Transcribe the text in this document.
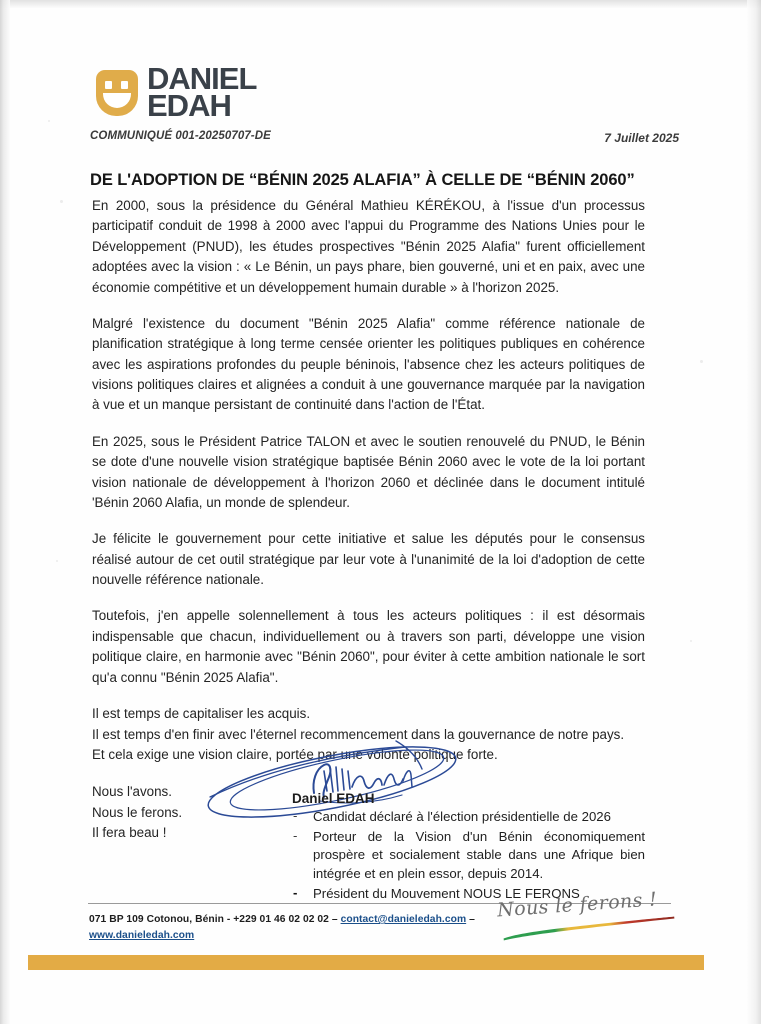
DANIEL
EDAH
COMMUNIQUÉ 001-20250707-DE	7 Juillet 2025
DE L'ADOPTION DE “BÉNIN 2025 ALAFIA” À CELLE DE “BÉNIN 2060”

En 2000, sous la présidence du Général Mathieu KÉRÉKOU, à l'issue d'un processus participatif conduit de 1998 à 2000 avec l'appui du Programme des Nations Unies pour le Développement (PNUD), les études prospectives "Bénin 2025 Alafia" furent officiellement adoptées avec la vision : « Le Bénin, un pays phare, bien gouverné, uni et en paix, avec une économie compétitive et un développement humain durable » à l'horizon 2025.

Malgré l'existence du document "Bénin 2025 Alafia" comme référence nationale de planification stratégique à long terme censée orienter les politiques publiques en cohérence avec les aspirations profondes du peuple béninois, l'absence chez les acteurs politiques de visions politiques claires et alignées a conduit à une gouvernance marquée par la navigation à vue et un manque persistant de continuité dans l'action de l'État.

En 2025, sous le Président Patrice TALON et avec le soutien renouvelé du PNUD, le Bénin se dote d'une nouvelle vision stratégique baptisée Bénin 2060 avec le vote de la loi portant vision nationale de développement à l'horizon 2060 et déclinée dans le document intitulé 'Bénin 2060 Alafia, un monde de splendeur.

Je félicite le gouvernement pour cette initiative et salue les députés pour le consensus réalisé autour de cet outil stratégique par leur vote à l'unanimité de la loi d'adoption de cette nouvelle référence nationale.

Toutefois, j'en appelle solennellement à tous les acteurs politiques : il est désormais indispensable que chacun, individuellement ou à travers son parti, développe une vision politique claire, en harmonie avec "Bénin 2060", pour éviter à cette ambition nationale le sort qu'a connu "Bénin 2025 Alafia".

Il est temps de capitaliser les acquis.
Il est temps d'en finir avec l'éternel recommencement dans la gouvernance de notre pays.
Et cela exige une vision claire, portée par une volonté politique forte.
Nous l'avons.
Nous le ferons.
Il fera beau !
Daniel EDAH
- Candidat déclaré à l'élection présidentielle de 2026
- Porteur de la Vision d'un Bénin économiquement prospère et socialement stable dans une Afrique bien intégrée et en plein essor, depuis 2014.
- Président du Mouvement NOUS LE FERONS
071 BP 109 Cotonou, Bénin - +229 01 46 02 02 02 – contact@danieledah.com –
www.danieledah.com
Nous le ferons !
